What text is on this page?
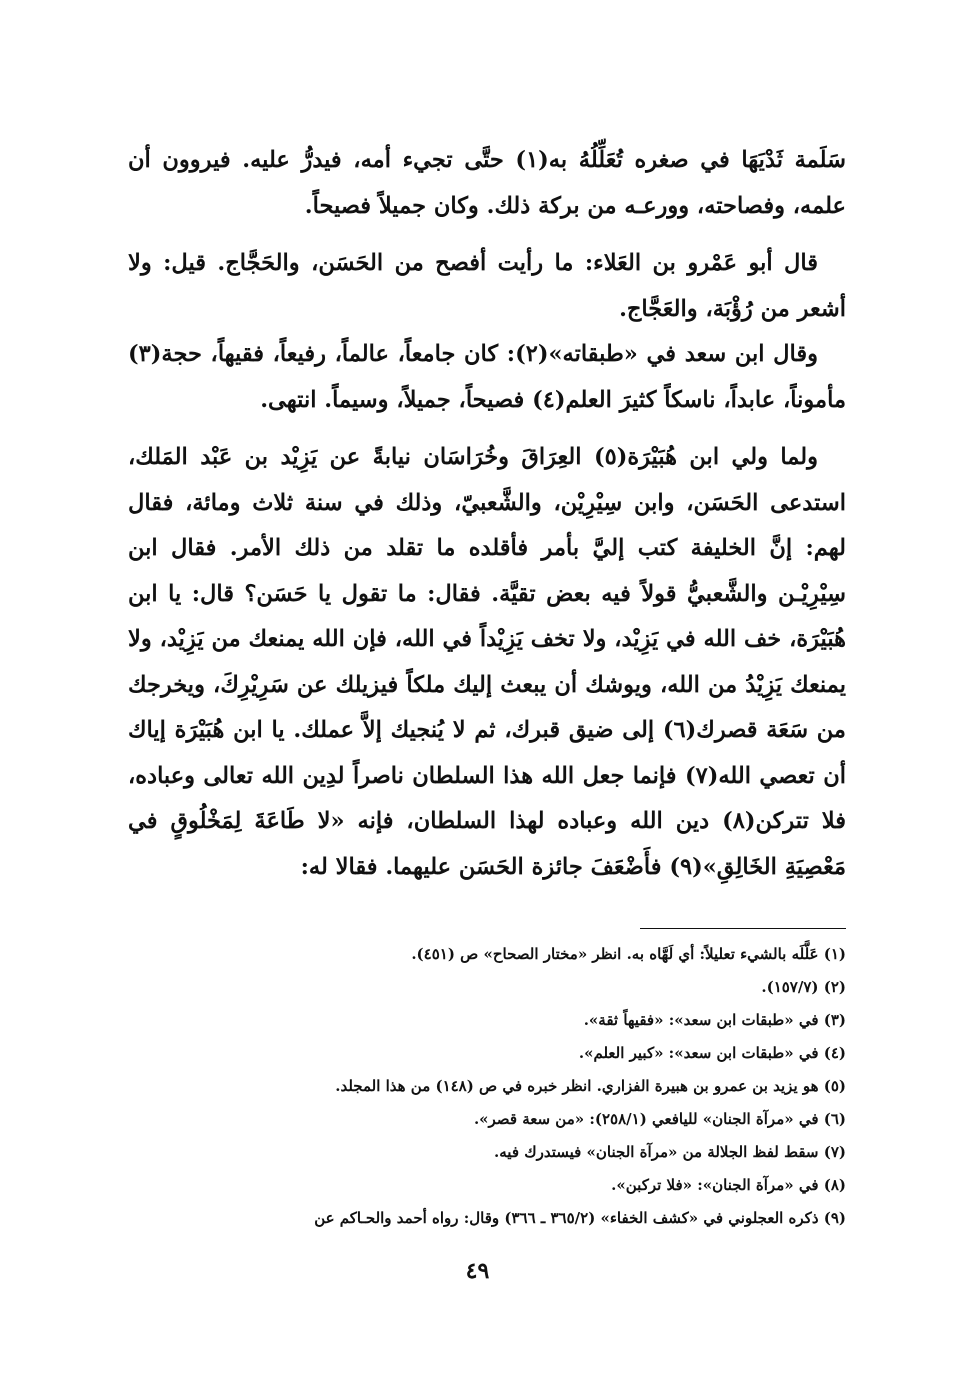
سَلَمة ثَدْيَهَا في صغره تُعَلِّلُهُ به(١) حتَّى تجيء أمه، فيدرُّ عليه. فيروون أن علمه، وفصاحته، وورعـه من بركة ذلك. وكان جميلاً فصيحاً.

قال أبو عَمْرو بن العَلاء: ما رأيت أفصح من الحَسَن، والحَجَّاج. قيل: ولا أشعر من رُؤْبَة، والعَجَّاج.

وقال ابن سعد في «طبقاته»(٢): كان جامعاً، عالماً، رفيعاً، فقيهاً، حجة(٣) مأموناً، عابداً، ناسكاً كثيرَ العلم(٤) فصيحاً، جميلاً، وسيماً. انتهى.

ولما ولي ابن هُبَيْرَة(٥) العِرَاقَ وخُرَاسَان نيابةً عن يَزِيْد بن عَبْد المَلك، استدعى الحَسَن، وابن سِيْرِيْن، والشَّعبيّ، وذلك في سنة ثلاث ومائة، فقال لهم: إنَّ الخليفة كتب إليَّ بأمر فأقلده ما تقلد من ذلك الأمر. فقال ابن سِيْرِيْـن والشَّعبيُّ قولاً فيه بعض تقيَّة. فقال: ما تقول يا حَسَن؟ قال: يا ابن هُبَيْرَة، خف الله في يَزِيْد، ولا تخف يَزِيْداً في الله، فإن الله يمنعك من يَزِيْد، ولا يمنعك يَزِيْدُ من الله، ويوشك أن يبعث إليك ملكاً فيزيلك عن سَرِيْرِكَ، ويخرجك من سَعَة قصرك(٦) إلى ضيق قبرك، ثم لا يُنجيك إلاَّ عملك. يا ابن هُبَيْرَة إياك أن تعصي الله(٧) فإنما جعل الله هذا السلطان ناصراً لدِين الله تعالى وعباده، فلا تتركن(٨) دين الله وعباده لهذا السلطان، فإنه «لا طَاعَةَ لِمَخْلُوقٍ في مَعْصِيَةِ الخَالِقِ»(٩) فأَضْعَفَ جائزة الحَسَن عليهما. فقالا له:

(١) عَلَّلَه بالشيء تعليلاً: أي لَهَّاه به. انظر «مختار الصحاح» ص (٤٥١).
(٢) (١٥٧/٧).
(٣) في «طبقات ابن سعد»: «فقيهاً ثقة».
(٤) في «طبقات ابن سعد»: «كبير العلم».
(٥) هو يزيد بن عمرو بن هبيرة الفزاري. انظر خبره في ص (١٤٨) من هذا المجلد.
(٦) في «مرآة الجنان» لليافعي (٢٥٨/١): «من سعة قصر».
(٧) سقط لفظ الجلالة من «مرآة الجنان» فيستدرك فيه.
(٨) في «مرآة الجنان»: «فلا تركبن».
(٩) ذكره العجلوني في «كشف الخفاء» (٣٦٥/٢ ـ ٣٦٦) وقال: رواه أحمد والحـاكم عن
٤٩
